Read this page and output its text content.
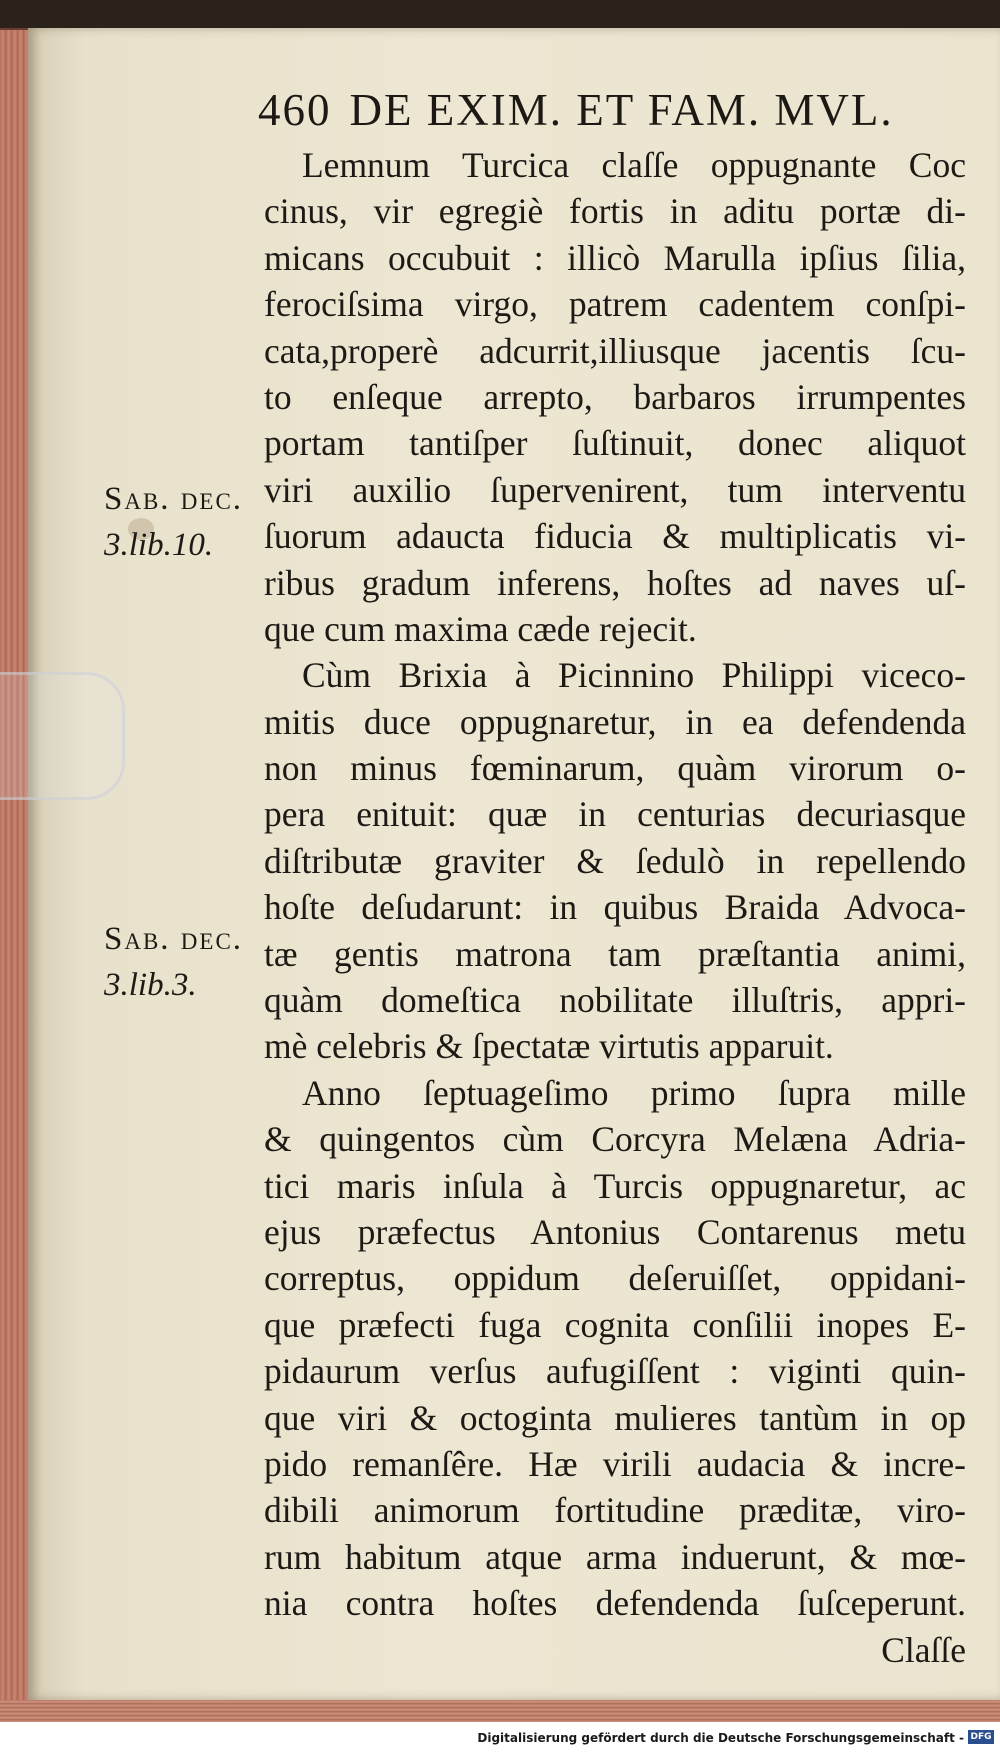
460 DE EXIM. ET FAM. MVL.
Lemnum Turcica claſſe oppugnante Coc
cinus, vir egregiè fortis in aditu portæ di-
micans occubuit : illicò Marulla ipſius ſilia,
ferociſsima virgo, patrem cadentem conſpi-
cata,properè adcurrit,illiusque jacentis ſcu-
to enſeque arrepto, barbaros irrumpentes
portam tantiſper ſuſtinuit, donec aliquot
viri auxilio ſupervenirent, tum interventu
ſuorum adaucta fiducia & multiplicatis vi-
ribus gradum inferens, hoſtes ad naves uſ-
que cum maxima cæde rejecit.
Cùm Brixia à Picinnino Philippi viceco-
mitis duce oppugnaretur, in ea defendenda
non minus fœminarum, quàm virorum o-
pera enituit: quæ in centurias decuriasque
diſtributæ graviter & ſedulò in repellendo
hoſte deſudarunt: in quibus Braida Advoca-
tæ gentis matrona tam præſtantia animi,
quàm domeſtica nobilitate illuſtris, appri-
mè celebris & ſpectatæ virtutis apparuit.
Anno ſeptuageſimo primo ſupra mille
& quingentos cùm Corcyra Melæna Adria-
tici maris inſula à Turcis oppugnaretur, ac
ejus præfectus Antonius Contarenus metu
correptus, oppidum deſeruiſſet, oppidani-
que præfecti fuga cognita conſilii inopes E-
pidaurum verſus aufugiſſent : viginti quin-
que viri & octoginta mulieres tantùm in op
pido remanſêre. Hæ virili audacia & incre-
dibili animorum fortitudine præditæ, viro-
rum habitum atque arma induerunt, & mœ-
nia contra hoſtes defendenda ſuſceperunt.
Claſſe
Sab. dec.
3.lib.10.
Sab. dec.
3.lib.3.
Digitalisierung gefördert durch die Deutsche Forschungsgemeinschaft - DFG
